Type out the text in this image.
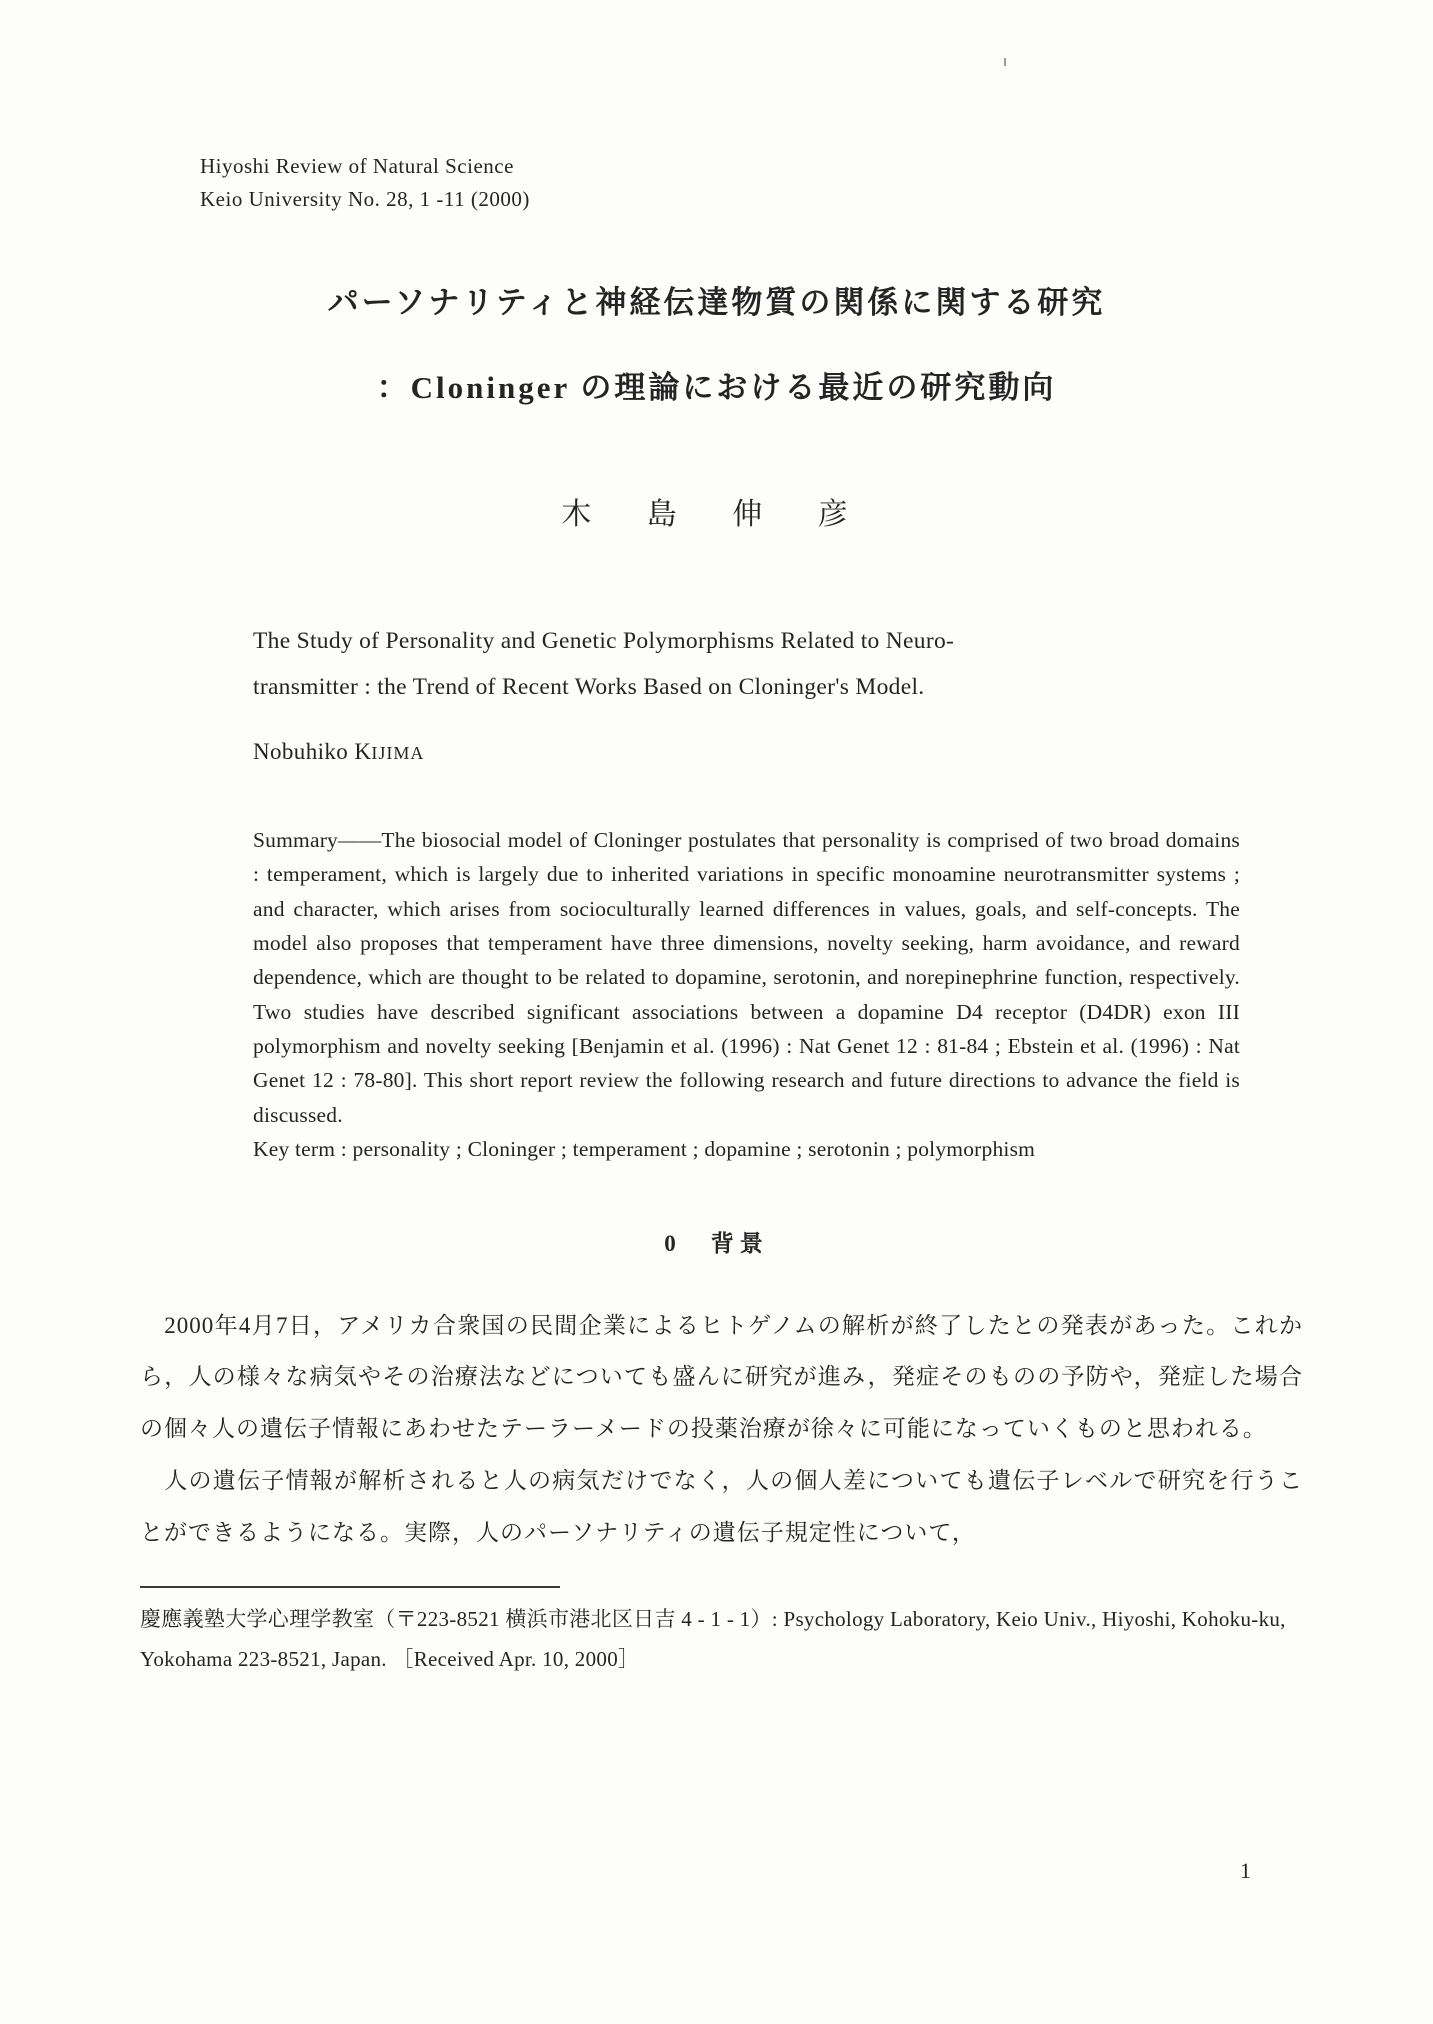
Hiyoshi Review of Natural Science
Keio University No. 28, 1 -11 (2000)
パーソナリティと神経伝達物質の関係に関する研究
：Cloninger の理論における最近の研究動向
木 島 伸 彦
The Study of Personality and Genetic Polymorphisms Related to Neuro-
transmitter : the Trend of Recent Works Based on Cloninger's Model.
Nobuhiko KIJIMA

Summary——The biosocial model of Cloninger postulates that personality is comprised of two broad domains : temperament, which is largely due to inherited variations in specific monoamine neurotransmitter systems ; and character, which arises from socioculturally learned differences in values, goals, and self-concepts. The model also proposes that temperament have three dimensions, novelty seeking, harm avoidance, and reward dependence, which are thought to be related to dopamine, serotonin, and norepinephrine function, respectively. Two studies have described significant associations between a dopamine D4 receptor (D4DR) exon III polymorphism and novelty seeking [Benjamin et al. (1996) : Nat Genet 12 : 81-84 ; Ebstein et al. (1996) : Nat Genet 12 : 78-80]. This short report review the following research and future directions to advance the field is discussed.

Key term : personality ; Cloninger ; temperament ; dopamine ; serotonin ; polymorphism

0　背景

　2000年4月7日，アメリカ合衆国の民間企業によるヒトゲノムの解析が終了したとの発表があった。これから，人の様々な病気やその治療法などについても盛んに研究が進み，発症そのものの予防や，発症した場合の個々人の遺伝子情報にあわせたテーラーメードの投薬治療が徐々に可能になっていくものと思われる。

　人の遺伝子情報が解析されると人の病気だけでなく，人の個人差についても遺伝子レベルで研究を行うことができるようになる。実際，人のパーソナリティの遺伝子規定性について，

慶應義塾大学心理学教室（〒223-8521 横浜市港北区日吉 4 - 1 - 1）: Psychology Laboratory, Keio Univ., Hiyoshi, Kohoku-ku, Yokohama 223-8521, Japan. ［Received Apr. 10, 2000］
1
